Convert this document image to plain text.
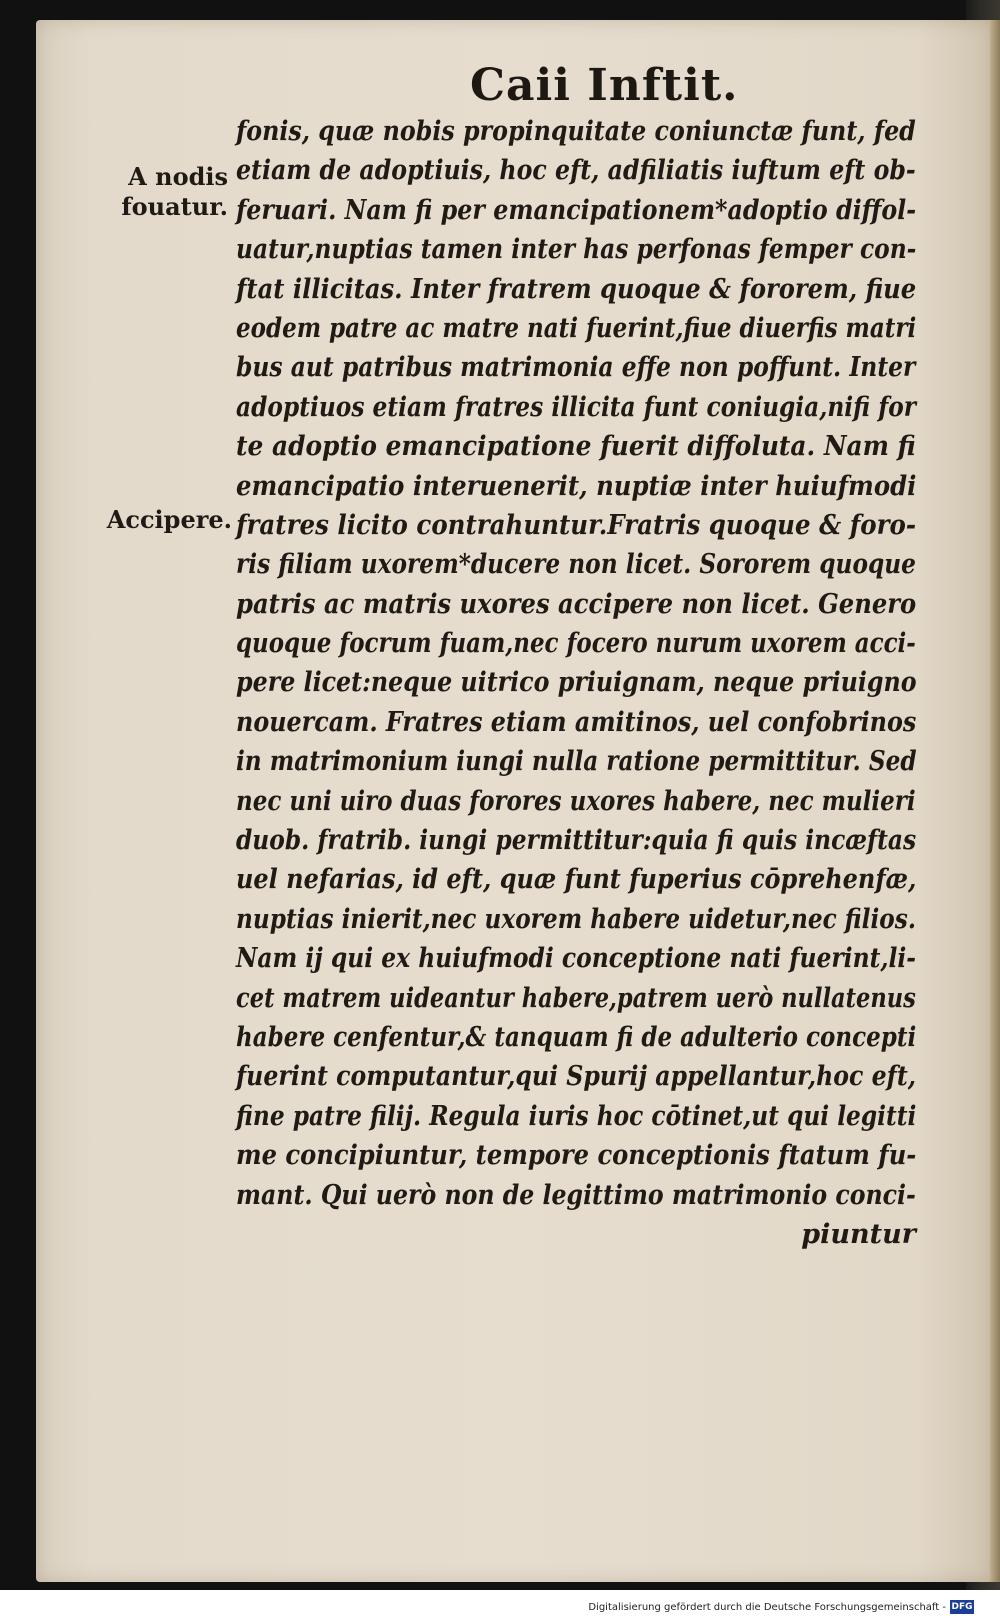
Caii Inftit.
A nodis
fouatur.
Accipere.
fonis, quæ nobis propinquitate coniunctæ funt, fed
etiam de adoptiuis, hoc eft, adfiliatis iuftum eft ob-
feruari. Nam fi per emancipationem*adoptio diffol-
uatur,nuptias tamen inter has perfonas femper con-
ftat illicitas. Inter fratrem quoque & fororem, fiue
eodem patre ac matre nati fuerint,fiue diuerfis matri
bus aut patribus matrimonia effe non poffunt. Inter
adoptiuos etiam fratres illicita funt coniugia,nifi for
te adoptio emancipatione fuerit diffoluta. Nam fi
emancipatio interuenerit, nuptiæ inter huiufmodi
fratres licito contrahuntur.Fratris quoque & foro-
ris filiam uxorem*ducere non licet. Sororem quoque
patris ac matris uxores accipere non licet. Genero
quoque focrum fuam,nec focero nurum uxorem acci-
pere licet:neque uitrico priuignam, neque priuigno
nouercam. Fratres etiam amitinos, uel confobrinos
in matrimonium iungi nulla ratione permittitur. Sed
nec uni uiro duas forores uxores habere, nec mulieri
duob. fratrib. iungi permittitur:quia fi quis incæftas
uel nefarias, id eft, quæ funt fuperius cōprehenfæ,
nuptias inierit,nec uxorem habere uidetur,nec filios.
Nam ij qui ex huiufmodi conceptione nati fuerint,li-
cet matrem uideantur habere,patrem uerò nullatenus
habere cenfentur,& tanquam fi de adulterio concepti
fuerint computantur,qui Spurij appellantur,hoc eft,
fine patre filij. Regula iuris hoc cōtinet,ut qui legitti
me concipiuntur, tempore conceptionis ftatum fu-
mant. Qui uerò non de legittimo matrimonio conci-
piuntur
Digitalisierung gefördert durch die Deutsche Forschungsgemeinschaft - DFG
